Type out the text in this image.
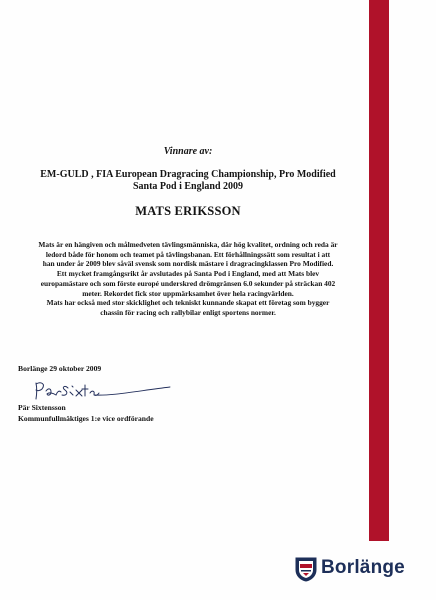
Vinnare av:
EM-GULD , FIA European Dragracing Championship, Pro Modified
Santa Pod i England 2009
MATS ERIKSSON

Mats är en hängiven och målmedveten tävlingsmänniska, där hög kvalitet, ordning och reda är

ledord både för honom och teamet på tävlingsbanan. Ett förhållningssätt som resultat i att

han under år 2009 blev såväl svensk som nordisk mästare i dragracingklassen Pro Modified.

Ett mycket framgångsrikt år avslutades på Santa Pod i England, med att Mats blev

europamästare och som förste europé underskred drömgränsen 6.0 sekunder på sträckan 402

meter. Rekordet fick stor uppmärksamhet över hela racingvärlden.

Mats har också med stor skicklighet och tekniskt kunnande skapat ett företag som bygger

chassin för racing och rallybilar enligt sportens normer.

Borlänge 29 oktober 2009
Pär Sixtensson
Kommunfullmäktiges 1:e vice ordförande
Borlänge
